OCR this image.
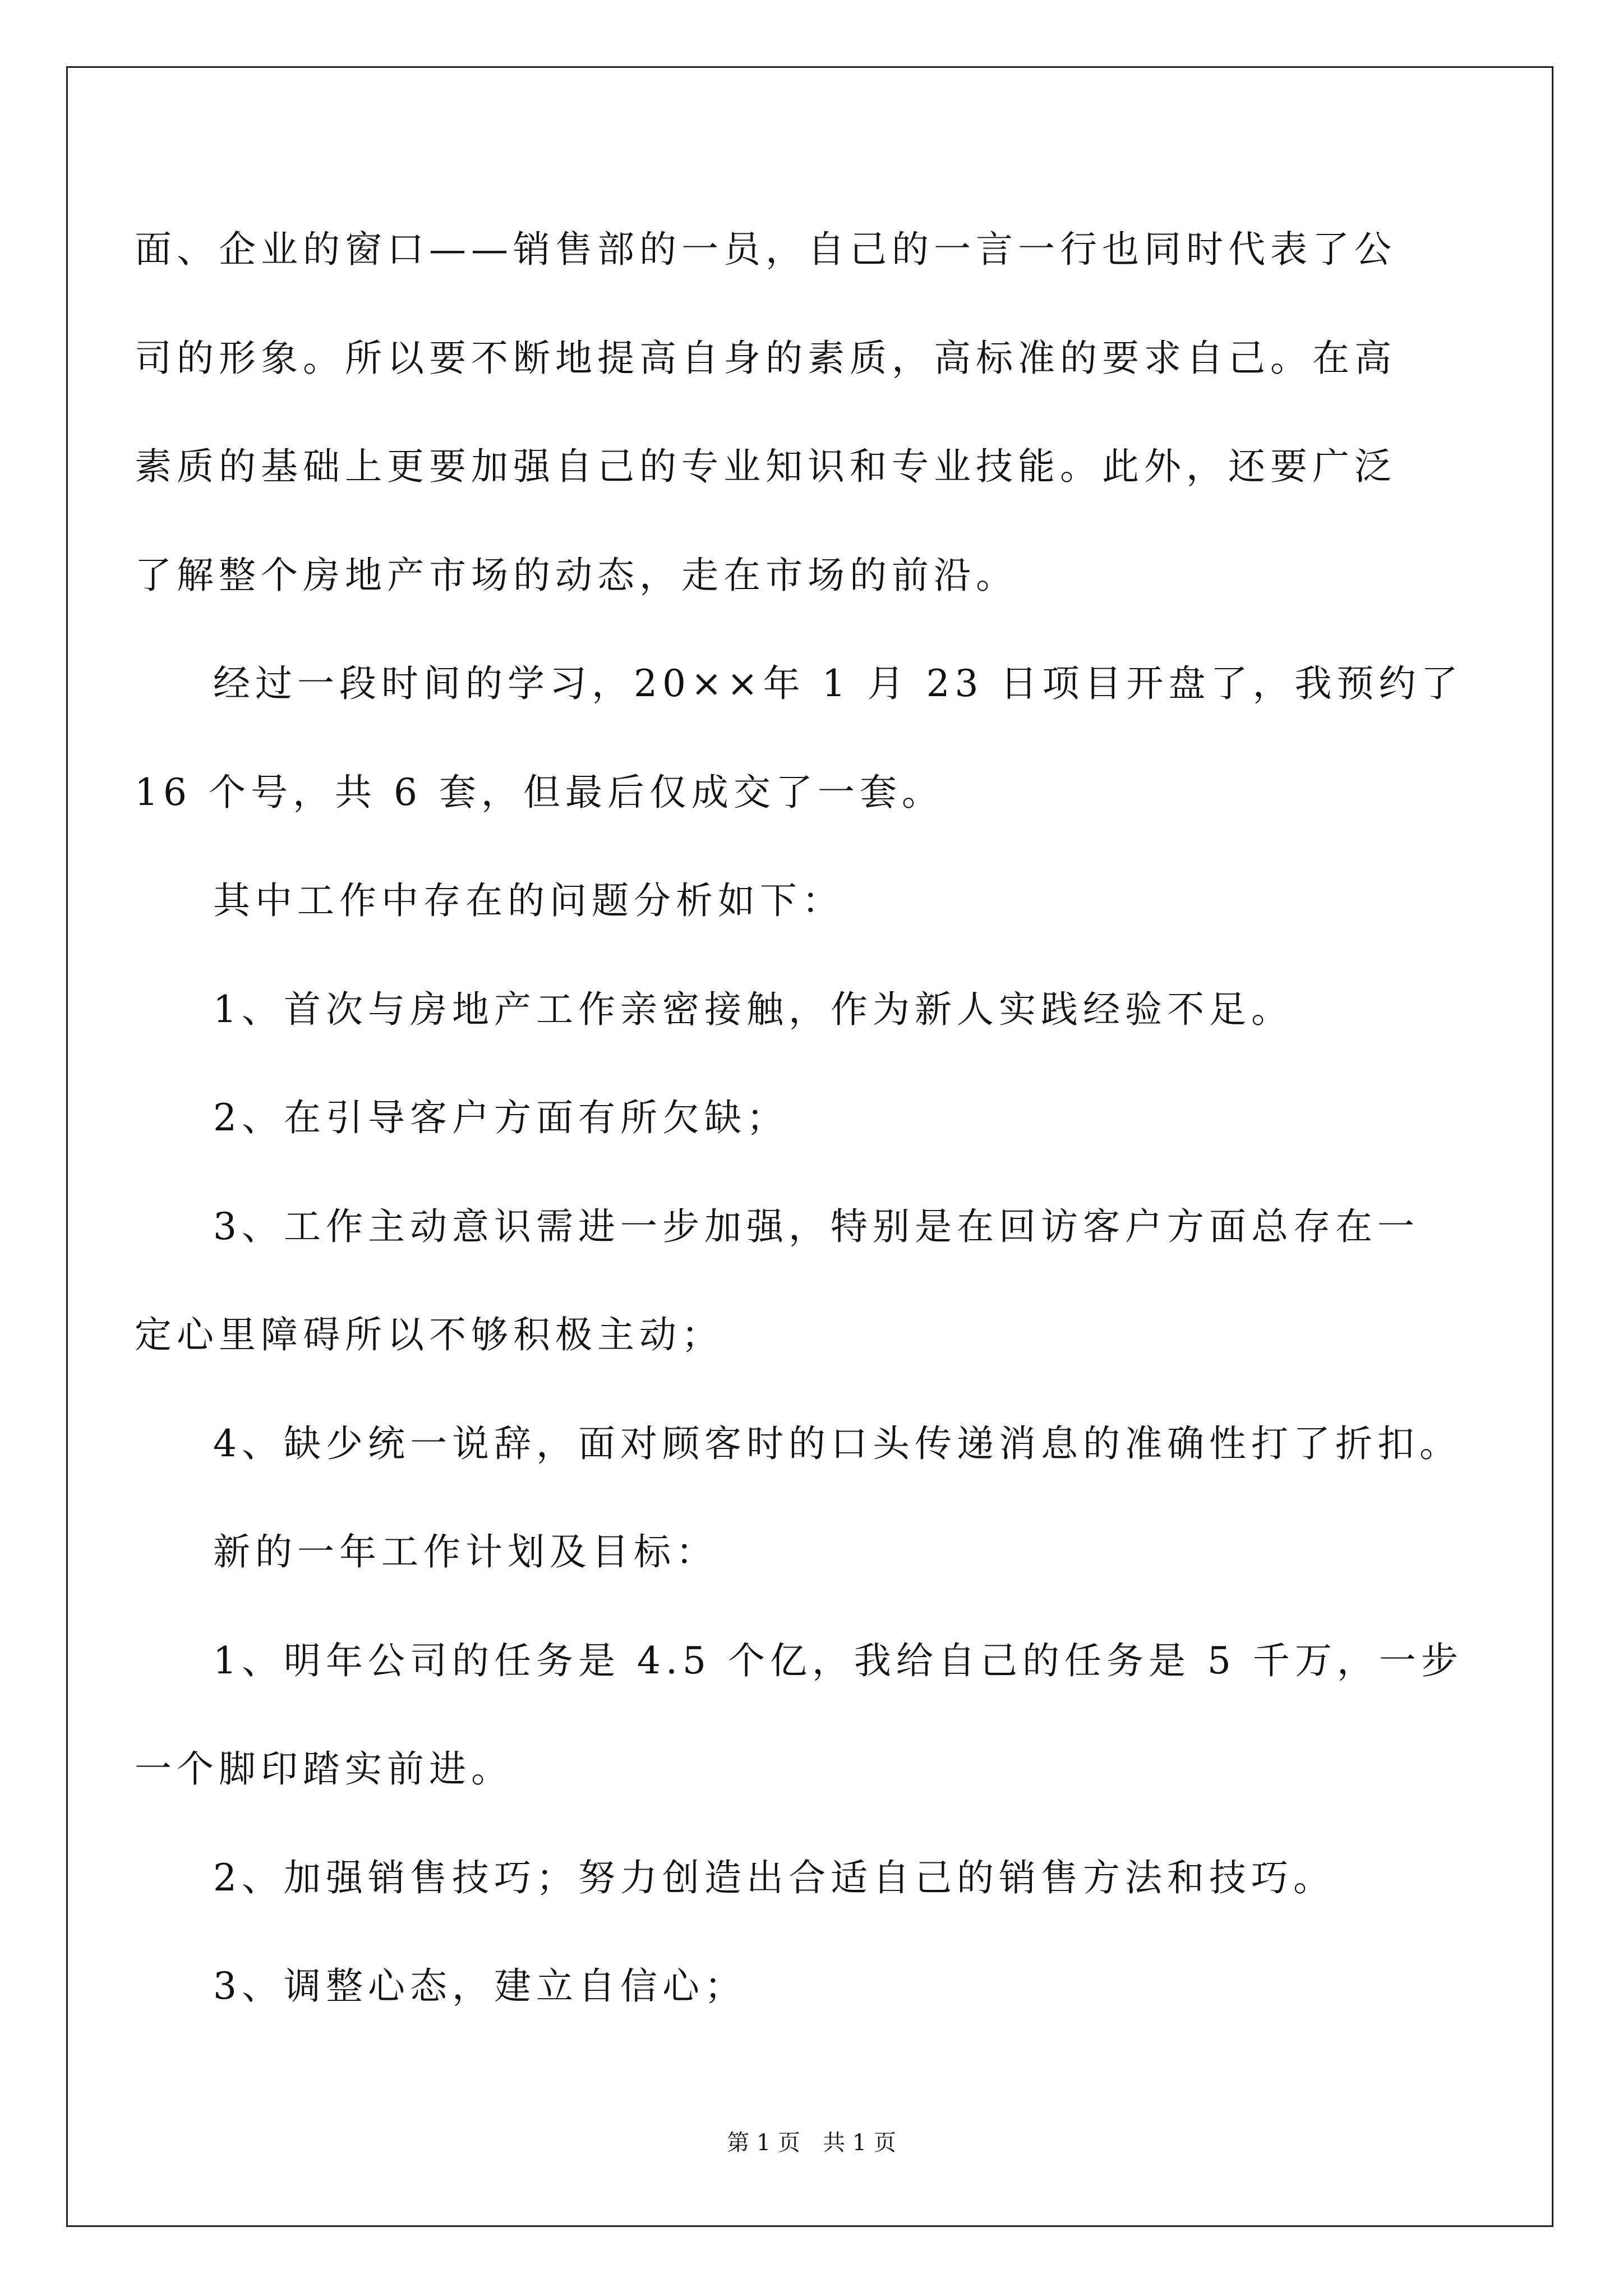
面、企业的窗口——销售部的一员，自己的一言一行也同时代表了公
司的形象。所以要不断地提高自身的素质，高标准的要求自己。在高
素质的基础上更要加强自己的专业知识和专业技能。此外，还要广泛
了解整个房地产市场的动态，走在市场的前沿。
经过一段时间的学习，20××年 1 月 23 日项目开盘了，我预约了
16 个号，共 6 套，但最后仅成交了一套。
其中工作中存在的问题分析如下：
1、首次与房地产工作亲密接触，作为新人实践经验不足。
2、在引导客户方面有所欠缺；
3、工作主动意识需进一步加强，特别是在回访客户方面总存在一
定心里障碍所以不够积极主动；
4、缺少统一说辞，面对顾客时的口头传递消息的准确性打了折扣。
新的一年工作计划及目标：
1、明年公司的任务是 4.5 个亿，我给自己的任务是 5 千万，一步
一个脚印踏实前进。
2、加强销售技巧；努力创造出合适自己的销售方法和技巧。
3、调整心态，建立自信心；
第 1 页 共 1 页
